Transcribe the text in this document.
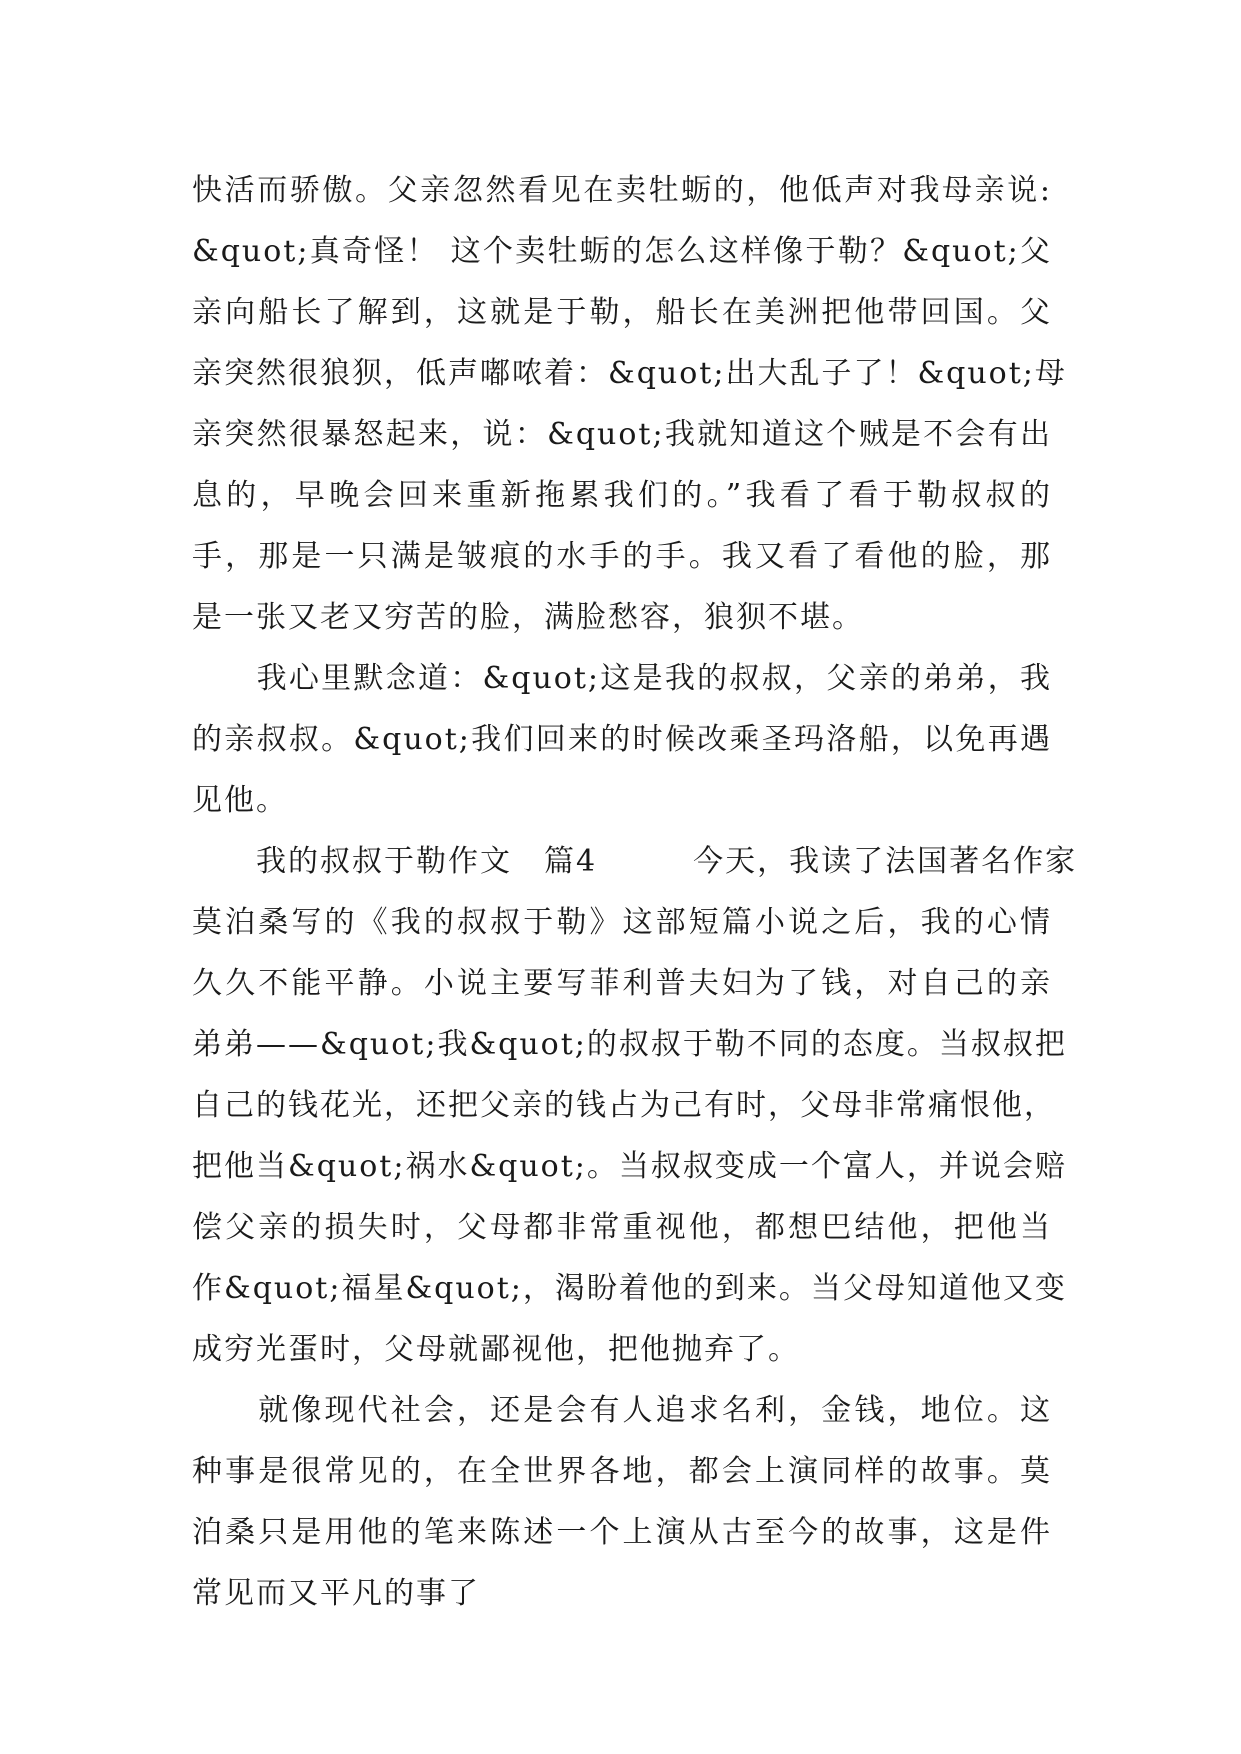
快活而骄傲。父亲忽然看见在卖牡蛎的，他低声对我母亲说:
&quot;真奇怪！ 这个卖牡蛎的怎么这样像于勒？&quot;父
亲向船长了解到，这就是于勒，船长在美洲把他带回国。父
亲突然很狼狈，低声嘟哝着：&quot;出大乱子了！&quot;母
亲突然很暴怒起来，说：&quot;我就知道这个贼是不会有出
息的，早晚会回来重新拖累我们的。”我看了看于勒叔叔的
手，那是一只满是皱痕的水手的手。我又看了看他的脸，那
是一张又老又穷苦的脸，满脸愁容，狼狈不堪。

　　我心里默念道：&quot;这是我的叔叔，父亲的弟弟，我
的亲叔叔。&quot;我们回来的时候改乘圣玛洛船，以免再遇
见他。

　　我的叔叔于勒作文　篇4　　　今天，我读了法国著名作家
莫泊桑写的《我的叔叔于勒》这部短篇小说之后，我的心情
久久不能平静。小说主要写菲利普夫妇为了钱，对自己的亲
弟弟——&quot;我&quot;的叔叔于勒不同的态度。当叔叔把
自己的钱花光，还把父亲的钱占为己有时，父母非常痛恨他，
把他当&quot;祸水&quot;。当叔叔变成一个富人，并说会赔
偿父亲的损失时，父母都非常重视他，都想巴结他，把他当
作&quot;福星&quot;，渴盼着他的到来。当父母知道他又变
成穷光蛋时，父母就鄙视他，把他抛弃了。

　　就像现代社会，还是会有人追求名利，金钱，地位。这
种事是很常见的，在全世界各地，都会上演同样的故事。莫
泊桑只是用他的笔来陈述一个上演从古至今的故事，这是件
常见而又平凡的事了
